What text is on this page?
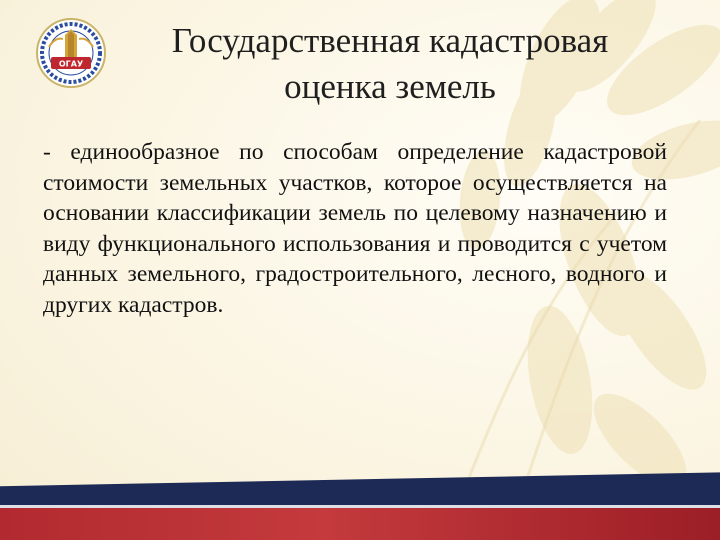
ОГАУ
Государственная кадастровая
оценка земель

- единообразное по способам определение кадастровой стоимости земельных участков, которое осуществляется на основании классификации земель по целевому назначению и виду функционального использования и проводится с учетом данных земельного, градостроительного, лесного, водного и других кадастров.
